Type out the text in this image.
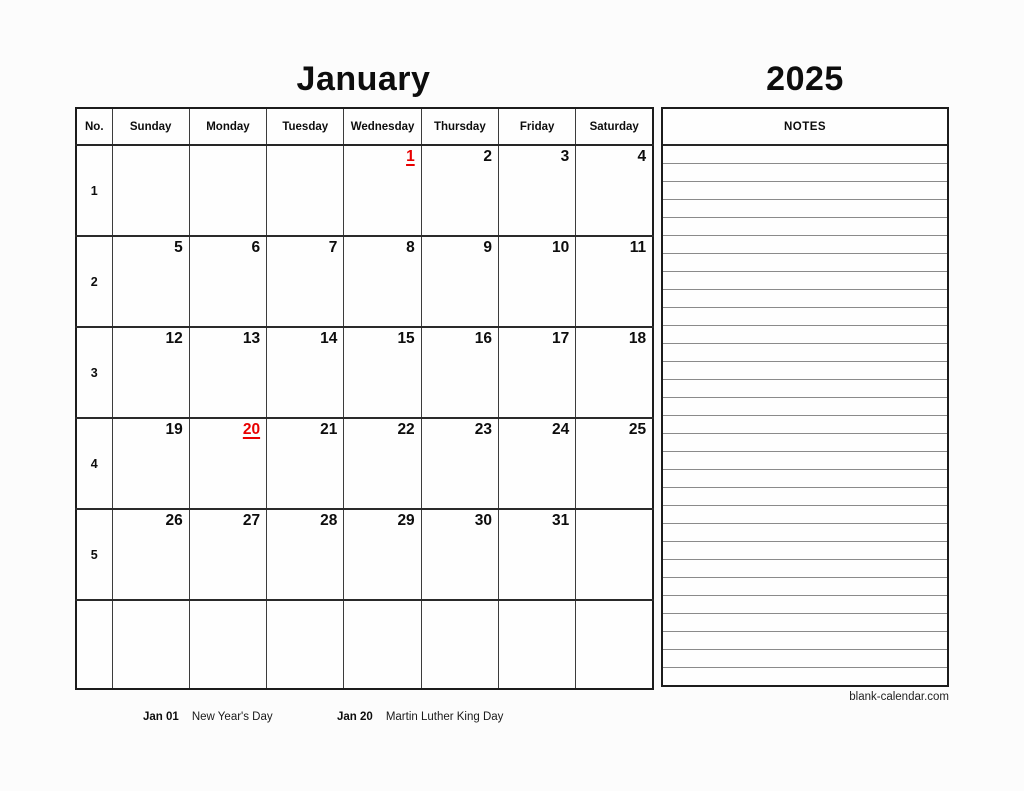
January	2025
No.	Sunday	Monday	Tuesday	Wednesday	Thursday	Friday	Saturday
1				1	2	3	4

2	5	6	7	8	9	10	11

3	12	13	14	15	16	17	18

4	19	20	21	22	23	24	25

5	26	27	28	29	30	31	

NOTES
blank-calendar.com
Jan 01 New Year's Day	Jan 20 Martin Luther King Day
